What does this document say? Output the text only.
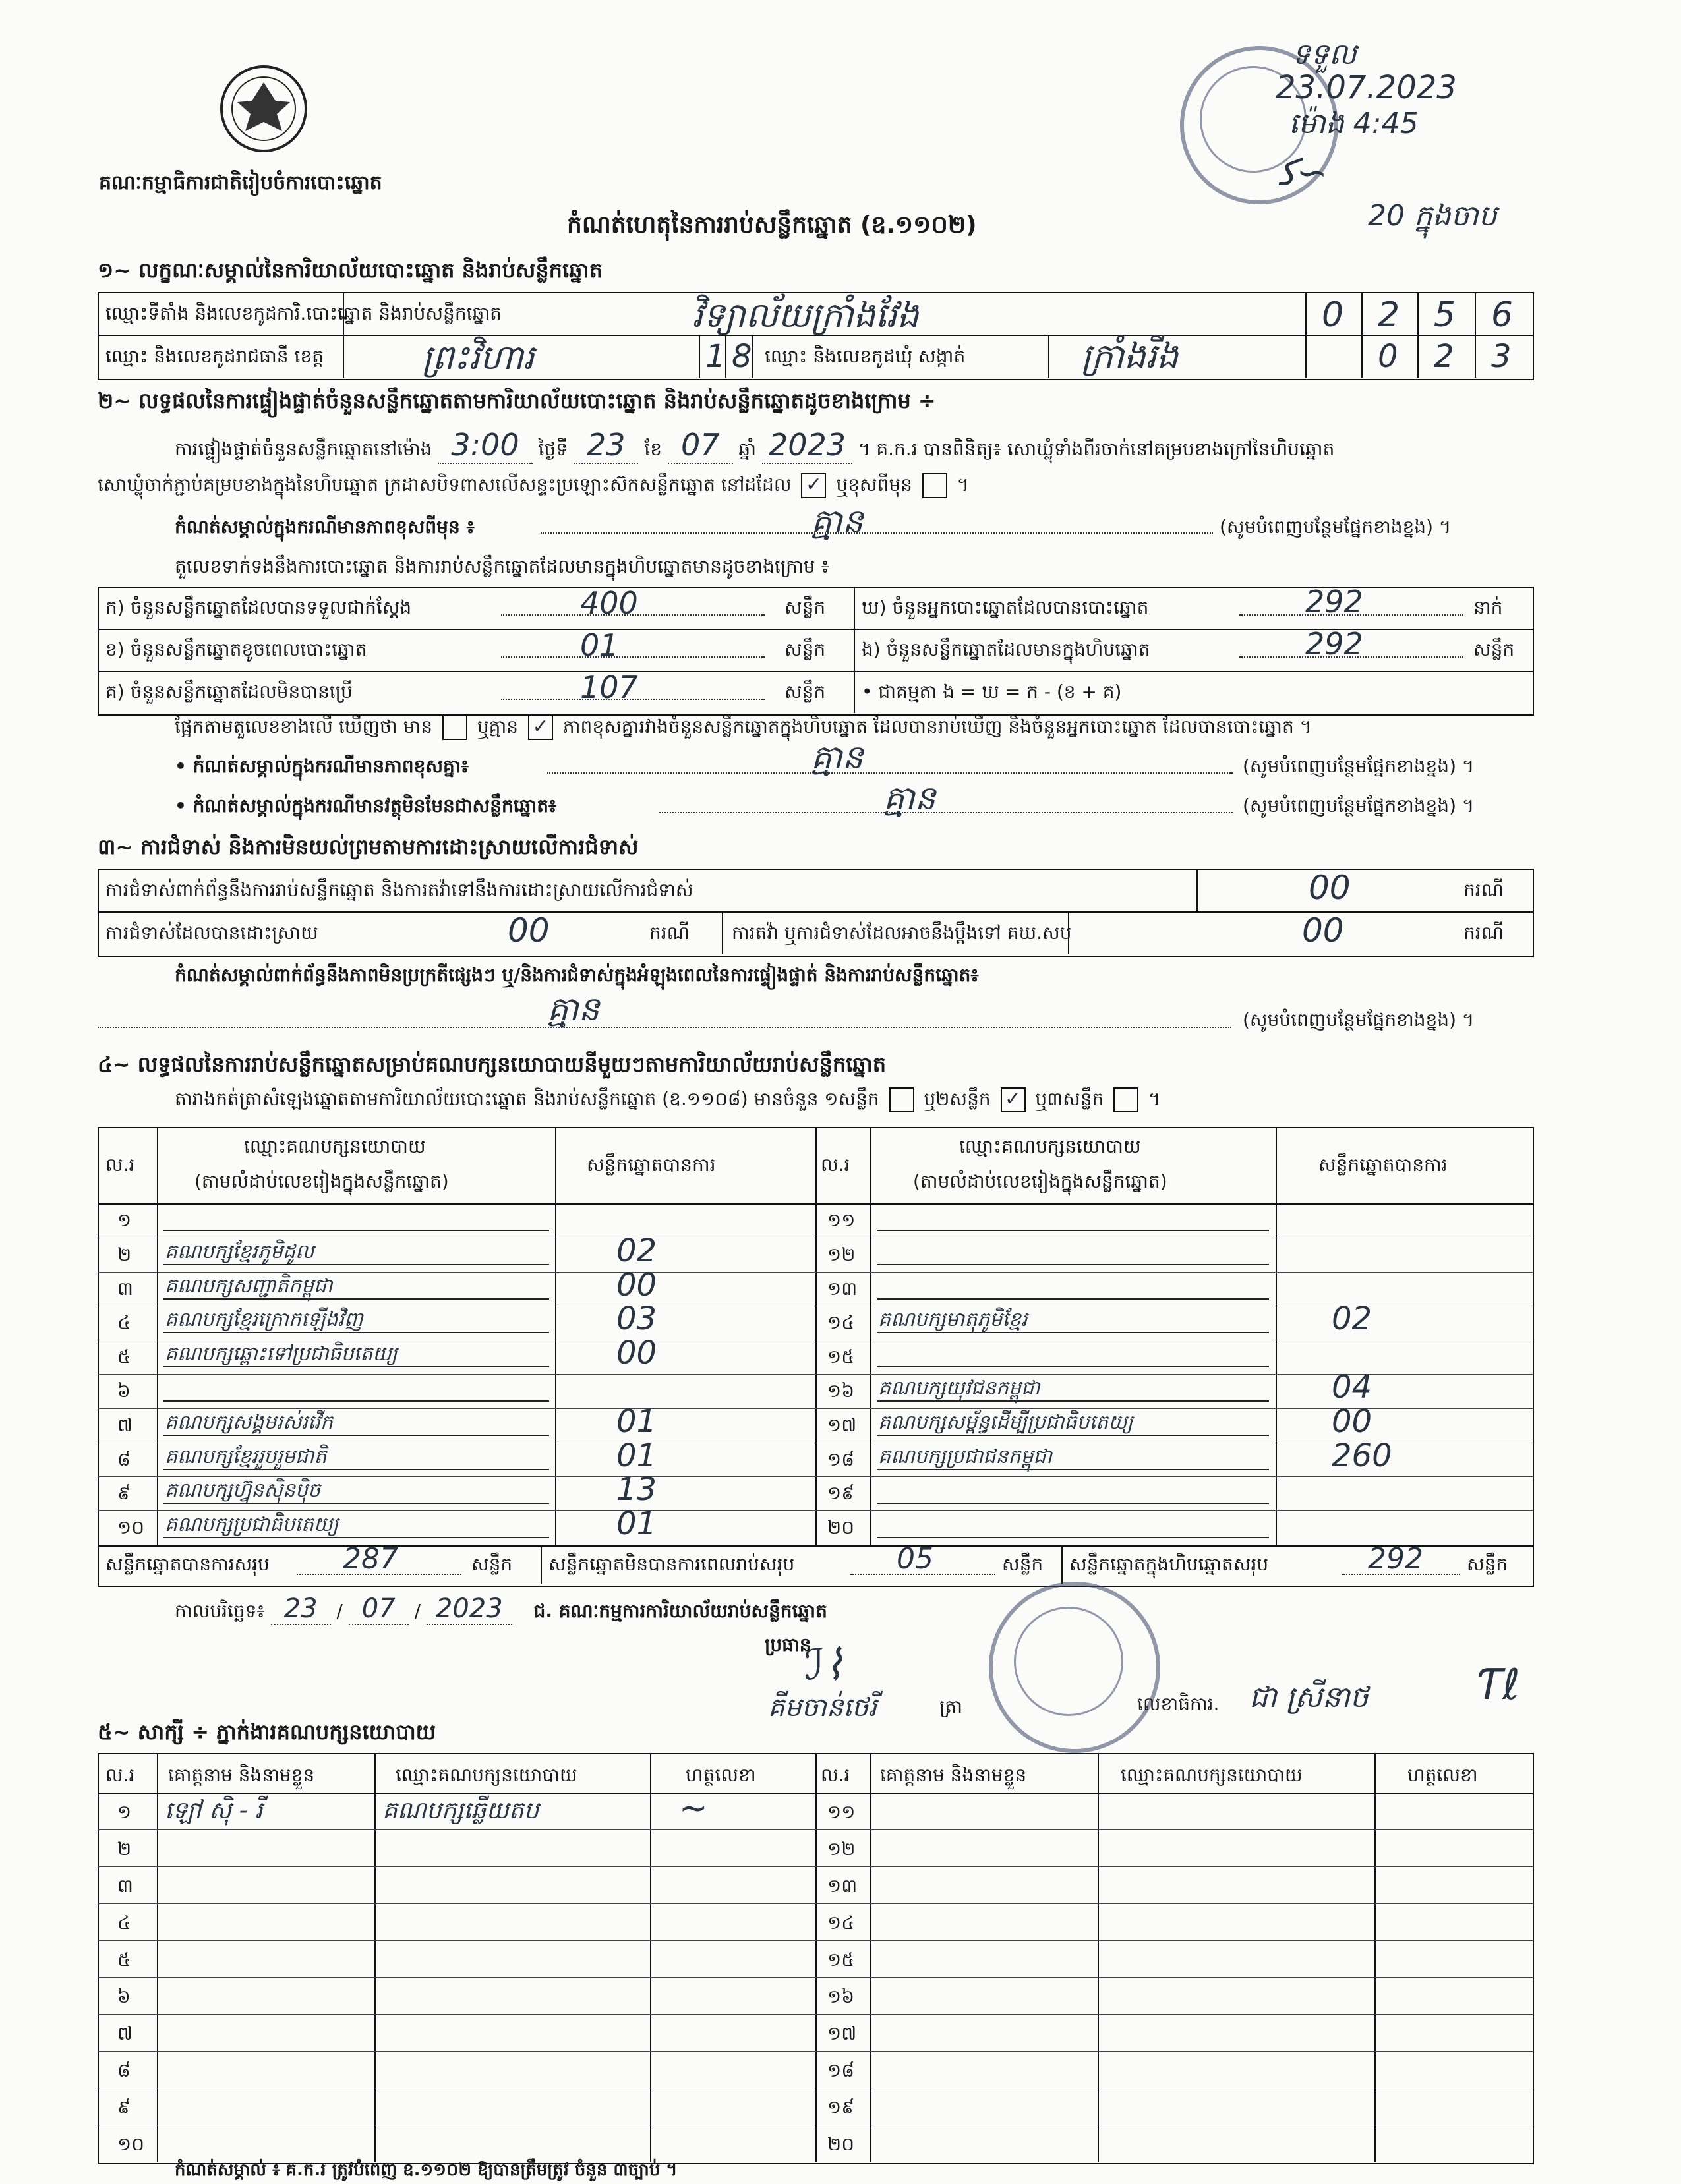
គណៈកម្មាធិការជាតិរៀបចំការបោះឆ្នោត
ទទួល
23.07.2023
ម៉ោង 4:45
ﮐ∽
20 ក្នុងចាប
កំណត់ហេតុនៃការរាប់សន្លឹកឆ្នោត (ឧ.១១០២)
១~ លក្ខណៈសម្គាល់នៃការិយាល័យបោះឆ្នោត និងរាប់សន្លឹកឆ្នោត
ឈ្មោះទីតាំង និងលេខកូដការិ.បោះឆ្នោត និងរាប់សន្លឹកឆ្នោត	វិទ្យាល័យក្រាំងវែង	0 2 5 6
ឈ្មោះ និងលេខកូដរាជធានី ខេត្ត	ព្រះវិហារ	1 8 ឈ្មោះ និងលេខកូដឃុំ សង្កាត់	ក្រាំងរីង	0 2 3
២~ លទ្ធផលនៃការផ្ទៀងផ្ទាត់ចំនួនសន្លឹកឆ្នោតតាមការិយាល័យបោះឆ្នោត និងរាប់សន្លឹកឆ្នោតដូចខាងក្រោម ÷
ការផ្ទៀងផ្ទាត់ចំនួនសន្លឹកឆ្នោតនៅម៉ោង 3:00 ថ្ងៃទី 23 ខែ 07 ឆ្នាំ 2023 ។ គ.ក.រ បានពិនិត្យ៖ សោឃ្លុំទាំងពីរចាក់នៅគម្របខាងក្រៅនៃហិបឆ្នោត
សោឃ្លុំចាក់ភ្ជាប់គម្របខាងក្នុងនៃហិបឆ្នោត ក្រដាសបិទពាសលើសន្ទះប្រឡោះស៊កសន្លឹកឆ្នោត នៅដដែល ✓ ឬខុសពីមុន  ។
កំណត់សម្គាល់ក្នុងករណីមានភាពខុសពីមុន ៖	គ្មាន	(សូមបំពេញបន្ថែមផ្នែកខាងខ្នង) ។
តួលេខទាក់ទងនឹងការបោះឆ្នោត និងការរាប់សន្លឹកឆ្នោតដែលមានក្នុងហិបឆ្នោតមានដូចខាងក្រោម ៖
ក) ចំនួនសន្លឹកឆ្នោតដែលបានទទួលជាក់ស្តែង	400	សន្លឹក ឃ) ចំនួនអ្នកបោះឆ្នោតដែលបានបោះឆ្នោត	292	នាក់
ខ) ចំនួនសន្លឹកឆ្នោតខូចពេលបោះឆ្នោត	01	សន្លឹក ង) ចំនួនសន្លឹកឆ្នោតដែលមានក្នុងហិបឆ្នោត	292	សន្លឹក
គ) ចំនួនសន្លឹកឆ្នោតដែលមិនបានប្រើ	107	សន្លឹក • ជាគម្មតា ង = ឃ = ក - (ខ + គ)
ផ្អែកតាមតួលេខខាងលើ ឃើញថា មាន ឬគ្មាន ✓ ភាពខុសគ្នារវាងចំនួនសន្លឹកឆ្នោតក្នុងហិបឆ្នោត ដែលបានរាប់ឃើញ និងចំនួនអ្នកបោះឆ្នោត ដែលបានបោះឆ្នោត ។
• កំណត់សម្គាល់ក្នុងករណីមានភាពខុសគ្នា៖	គ្មាន	(សូមបំពេញបន្ថែមផ្នែកខាងខ្នង) ។
• កំណត់សម្គាល់ក្នុងករណីមានវត្ថុមិនមែនជាសន្លឹកឆ្នោត៖	គ្មាន	(សូមបំពេញបន្ថែមផ្នែកខាងខ្នង) ។
៣~ ការជំទាស់ និងការមិនយល់ព្រមតាមការដោះស្រាយលើការជំទាស់
ការជំទាស់ពាក់ព័ន្ធនឹងការរាប់សន្លឹកឆ្នោត និងការតវ៉ាទៅនឹងការដោះស្រាយលើការជំទាស់	00	ករណី
ការជំទាស់ដែលបានដោះស្រាយ	00	ករណី ការតវ៉ា ឬការជំទាស់ដែលអាចនឹងប្តឹងទៅ គឃ.សប	00	ករណី
កំណត់សម្គាល់ពាក់ព័ន្ធនឹងភាពមិនប្រក្រតីផ្សេងៗ ឬ/និងការជំទាស់ក្នុងអំឡុងពេលនៃការផ្ទៀងផ្ទាត់ និងការរាប់សន្លឹកឆ្នោត៖
គ្មាន	(សូមបំពេញបន្ថែមផ្នែកខាងខ្នង) ។
៤~ លទ្ធផលនៃការរាប់សន្លឹកឆ្នោតសម្រាប់គណបក្សនយោបាយនីមួយៗតាមការិយាល័យរាប់សន្លឹកឆ្នោត
តារាងកត់ត្រាសំឡេងឆ្នោតតាមការិយាល័យបោះឆ្នោត និងរាប់សន្លឹកឆ្នោត (ឧ.១១០៨) មានចំនួន ១សន្លឹក ឬ២សន្លឹក ✓ ឬ៣សន្លឹក ។
ល.រ
ឈ្មោះគណបក្សនយោបាយ
(តាមលំដាប់លេខរៀងក្នុងសន្លឹកឆ្នោត)
សន្លឹកឆ្នោតបានការ	ល.រ
ឈ្មោះគណបក្សនយោបាយ
(តាមលំដាប់លេខរៀងក្នុងសន្លឹកឆ្នោត)
សន្លឹកឆ្នោតបានការ
១	១១
២ គណបក្សខ្មែរភូមិដូល	02	១២
៣ គណបក្សសញ្ជាតិកម្ពុជា	00	១៣
៤ គណបក្សខ្មែរក្រោកឡើងវិញ	03	១៤ គណបក្សមាតុភូមិខ្មែរ	02
៥ គណបក្សឆ្ពោះទៅប្រជាធិបតេយ្យ	00	១៥
៦	១៦ គណបក្សយុវជនកម្ពុជា	04
៧ គណបក្សសង្គមរស់រវើក	01	១៧ គណបក្សសម្ព័ន្ធដើម្បីប្រជាធិបតេយ្យ	00
៨ គណបក្សខ្មែររួបរួមជាតិ	01	១៨ គណបក្សប្រជាជនកម្ពុជា	260
៩ គណបក្សហ្វ៊ុនស៊ិនប៉ិច	13	១៩
១០ គណបក្សប្រជាធិបតេយ្យ	01	២០
សន្លឹកឆ្នោតបានការសរុប	287	សន្លឹក សន្លឹកឆ្នោតមិនបានការពេលរាប់សរុប	05	សន្លឹក សន្លឹកឆ្នោតក្នុងហិបឆ្នោតសរុប	292 សន្លឹក
កាលបរិច្ឆេទ៖ 23 / 07 / 2023 ជ. គណៈកម្មការការិយាល័យរាប់សន្លឹកឆ្នោត
ប្រធាន
ℐ⌇
គីមចាន់ថេរី	ត្រា	លេខាធិការ. ជា ស្រីនាថ	Ƭℓ
៥~ សាក្សី ÷ ភ្នាក់ងារគណបក្សនយោបាយ
ល.រ គោត្តនាម និងនាមខ្លួន	ឈ្មោះគណបក្សនយោបាយ	ហត្ថលេខា	ល.រ គោត្តនាម និងនាមខ្លួន	ឈ្មោះគណបក្សនយោបាយ	ហត្ថលេខា
១ ឡៅ ស៊ិ - រី	គណបក្សឆ្លើយតប	~	១១
២	១២
៣	១៣
៤	១៤
៥	១៥
៦	១៦
៧	១៧
៨	១៨
៩	១៩
១០	២០
កំណត់សម្គាល់ ៖ គ.ក.រ ត្រូវបំពេញ ឧ.១១០២ ឱ្យបានត្រឹមត្រូវ ចំនួន ៣ច្បាប់ ។
